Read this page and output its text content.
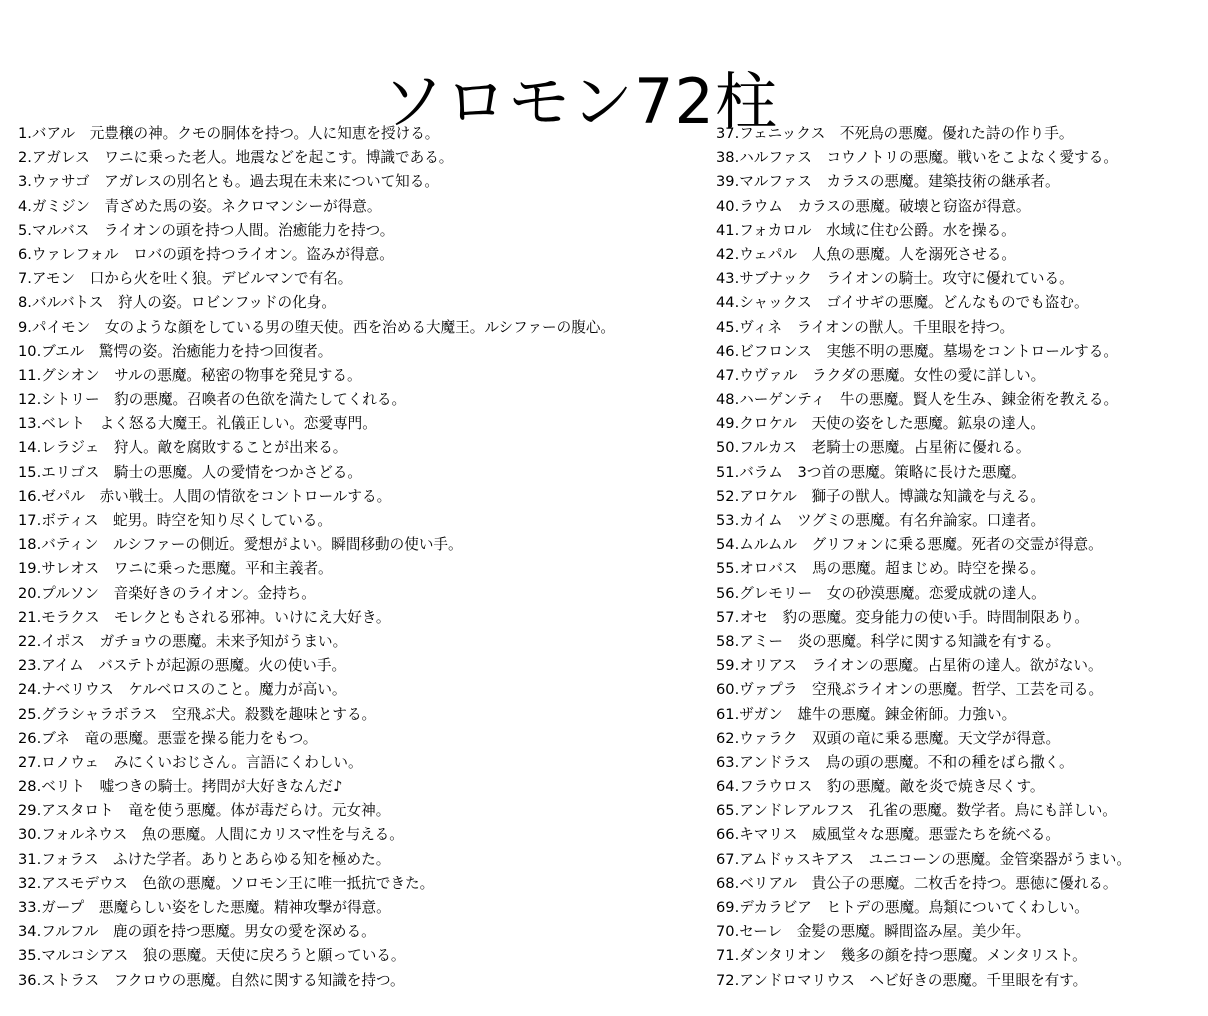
ソロモン72柱
1.バアル　元豊穣の神。クモの胴体を持つ。人に知恵を授ける。
2.アガレス　ワニに乗った老人。地震などを起こす。博識である。
3.ウァサゴ　アガレスの別名とも。過去現在未来について知る。
4.ガミジン　青ざめた馬の姿。ネクロマンシーが得意。
5.マルバス　ライオンの頭を持つ人間。治癒能力を持つ。
6.ウァレフォル　ロバの頭を持つライオン。盗みが得意。
7.アモン　口から火を吐く狼。デビルマンで有名。
8.バルバトス　狩人の姿。ロビンフッドの化身。
9.パイモン　女のような顔をしている男の堕天使。西を治める大魔王。ルシファーの腹心。
10.ブエル　驚愕の姿。治癒能力を持つ回復者。
11.グシオン　サルの悪魔。秘密の物事を発見する。
12.シトリー　豹の悪魔。召喚者の色欲を満たしてくれる。
13.ベレト　よく怒る大魔王。礼儀正しい。恋愛専門。
14.レラジェ　狩人。敵を腐敗することが出来る。
15.エリゴス　騎士の悪魔。人の愛情をつかさどる。
16.ゼパル　赤い戦士。人間の情欲をコントロールする。
17.ボティス　蛇男。時空を知り尽くしている。
18.バティン　ルシファーの側近。愛想がよい。瞬間移動の使い手。
19.サレオス　ワニに乗った悪魔。平和主義者。
20.プルソン　音楽好きのライオン。金持ち。
21.モラクス　モレクともされる邪神。いけにえ大好き。
22.イポス　ガチョウの悪魔。未来予知がうまい。
23.アイム　バステトが起源の悪魔。火の使い手。
24.ナベリウス　ケルベロスのこと。魔力が高い。
25.グラシャラボラス　空飛ぶ犬。殺戮を趣味とする。
26.ブネ　竜の悪魔。悪霊を操る能力をもつ。
27.ロノウェ　みにくいおじさん。言語にくわしい。
28.ベリト　嘘つきの騎士。拷問が大好きなんだ♪
29.アスタロト　竜を使う悪魔。体が毒だらけ。元女神。
30.フォルネウス　魚の悪魔。人間にカリスマ性を与える。
31.フォラス　ふけた学者。ありとあらゆる知を極めた。
32.アスモデウス　色欲の悪魔。ソロモン王に唯一抵抗できた。
33.ガープ　悪魔らしい姿をした悪魔。精神攻撃が得意。
34.フルフル　鹿の頭を持つ悪魔。男女の愛を深める。
35.マルコシアス　狼の悪魔。天使に戻ろうと願っている。
36.ストラス　フクロウの悪魔。自然に関する知識を持つ。
37.フェニックス　不死鳥の悪魔。優れた詩の作り手。
38.ハルファス　コウノトリの悪魔。戦いをこよなく愛する。
39.マルファス　カラスの悪魔。建築技術の継承者。
40.ラウム　カラスの悪魔。破壊と窃盗が得意。
41.フォカロル　水域に住む公爵。水を操る。
42.ウェパル　人魚の悪魔。人を溺死させる。
43.サブナック　ライオンの騎士。攻守に優れている。
44.シャックス　ゴイサギの悪魔。どんなものでも盗む。
45.ヴィネ　ライオンの獣人。千里眼を持つ。
46.ビフロンス　実態不明の悪魔。墓場をコントロールする。
47.ウヴァル　ラクダの悪魔。女性の愛に詳しい。
48.ハーゲンティ　牛の悪魔。賢人を生み、錬金術を教える。
49.クロケル　天使の姿をした悪魔。鉱泉の達人。
50.フルカス　老騎士の悪魔。占星術に優れる。
51.バラム　3つ首の悪魔。策略に長けた悪魔。
52.アロケル　獅子の獣人。博識な知識を与える。
53.カイム　ツグミの悪魔。有名弁論家。口達者。
54.ムルムル　グリフォンに乗る悪魔。死者の交霊が得意。
55.オロバス　馬の悪魔。超まじめ。時空を操る。
56.グレモリー　女の砂漠悪魔。恋愛成就の達人。
57.オセ　豹の悪魔。変身能力の使い手。時間制限あり。
58.アミー　炎の悪魔。科学に関する知識を有する。
59.オリアス　ライオンの悪魔。占星術の達人。欲がない。
60.ヴァプラ　空飛ぶライオンの悪魔。哲学、工芸を司る。
61.ザガン　雄牛の悪魔。錬金術師。力強い。
62.ウァラク　双頭の竜に乗る悪魔。天文学が得意。
63.アンドラス　鳥の頭の悪魔。不和の種をばら撒く。
64.フラウロス　豹の悪魔。敵を炎で焼き尽くす。
65.アンドレアルフス　孔雀の悪魔。数学者。鳥にも詳しい。
66.キマリス　威風堂々な悪魔。悪霊たちを統べる。
67.アムドゥスキアス　ユニコーンの悪魔。金管楽器がうまい。
68.ベリアル　貴公子の悪魔。二枚舌を持つ。悪徳に優れる。
69.デカラビア　ヒトデの悪魔。鳥類についてくわしい。
70.セーレ　金髪の悪魔。瞬間盗み屋。美少年。
71.ダンタリオン　幾多の顔を持つ悪魔。メンタリスト。
72.アンドロマリウス　ヘビ好きの悪魔。千里眼を有す。
